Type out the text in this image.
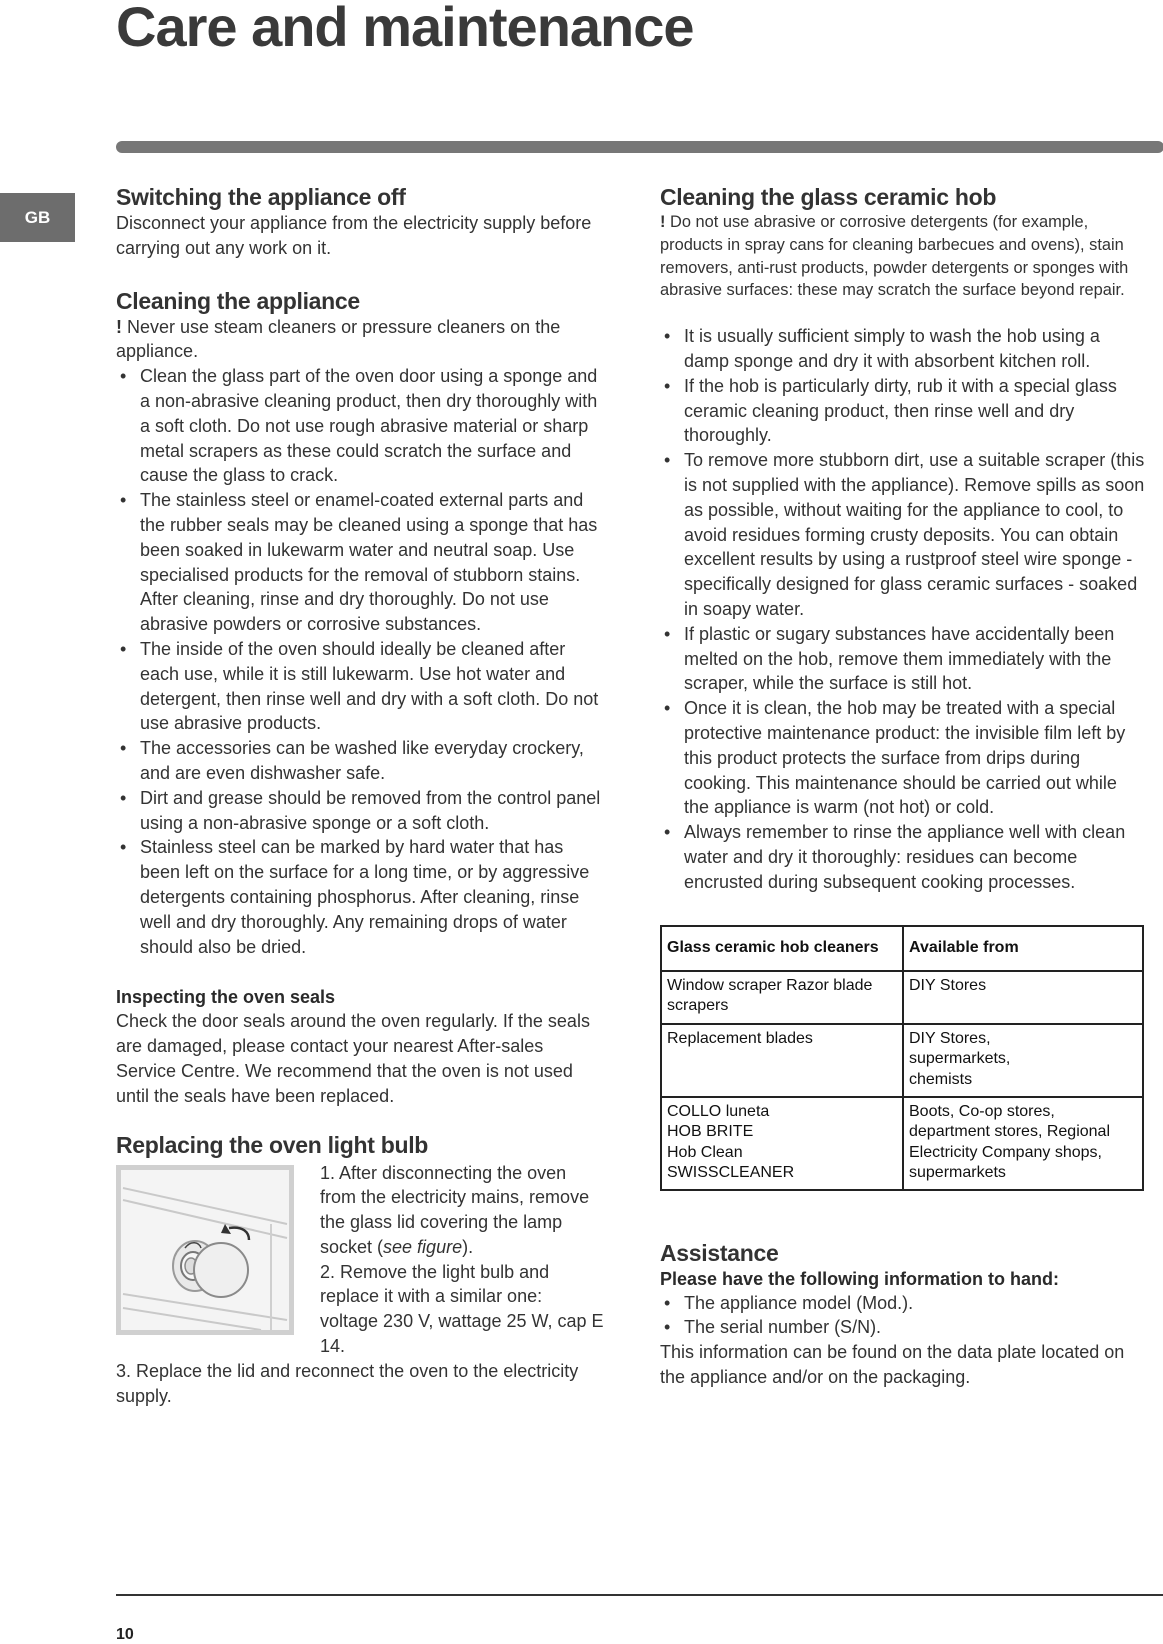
Care and maintenance
GB
Switching the appliance off

Disconnect your appliance from the electricity supply before carrying out any work on it.

Cleaning the appliance

! Never use steam cleaners or pressure cleaners on the appliance.

• Clean the glass part of the oven door using a sponge and a non-abrasive cleaning product, then dry thoroughly with a soft cloth. Do not use rough abrasive material or sharp metal scrapers as these could scratch the surface and cause the glass to crack.
• The stainless steel or enamel-coated external parts and the rubber seals may be cleaned using a sponge that has been soaked in lukewarm water and neutral soap. Use specialised products for the removal of stubborn stains. After cleaning, rinse and dry thoroughly. Do not use abrasive powders or corrosive substances.
• The inside of the oven should ideally be cleaned after each use, while it is still lukewarm. Use hot water and detergent, then rinse well and dry with a soft cloth. Do not use abrasive products.
• The accessories can be washed like everyday crockery, and are even dishwasher safe.
• Dirt and grease should be removed from the control panel using a non-abrasive sponge or a soft cloth.
• Stainless steel can be marked by hard water that has been left on the surface for a long time, or by aggressive detergents containing phosphorus. After cleaning, rinse well and dry thoroughly. Any remaining drops of water should also be dried.
Inspecting the oven seals

Check the door seals around the oven regularly. If the seals are damaged, please contact your nearest After-sales Service Centre. We recommend that the oven is not used until the seals have been replaced.

Replacing the oven light bulb

1. After disconnecting the oven from the electricity mains, remove the glass lid covering the lamp socket (see figure).

2. Remove the light bulb and replace it with a similar one: voltage 230 V, wattage 25 W, cap E 14.

3. Replace the lid and reconnect the oven to the electricity supply.

Cleaning the glass ceramic hob

! Do not use abrasive or corrosive detergents (for example, products in spray cans for cleaning barbecues and ovens), stain removers, anti-rust products, powder detergents or sponges with abrasive surfaces: these may scratch the surface beyond repair.

• It is usually sufficient simply to wash the hob using a damp sponge and dry it with absorbent kitchen roll.
• If the hob is particularly dirty, rub it with a special glass ceramic cleaning product, then rinse well and dry thoroughly.
• To remove more stubborn dirt, use a suitable scraper (this is not supplied with the appliance). Remove spills as soon as possible, without waiting for the appliance to cool, to avoid residues forming crusty deposits. You can obtain excellent results by using a rustproof steel wire sponge - specifically designed for glass ceramic surfaces - soaked in soapy water.
• If plastic or sugary substances have accidentally been melted on the hob, remove them immediately with the scraper, while the surface is still hot.
• Once it is clean, the hob may be treated with a special protective maintenance product: the invisible film left by this product protects the surface from drips during cooking. This maintenance should be carried out while the appliance is warm (not hot) or cold.
• Always remember to rinse the appliance well with clean water and dry it thoroughly: residues can become encrusted during subsequent cooking processes.
Glass ceramic hob cleaners	Available from
Window scraper Razor blade scrapers	DIY Stores
Replacement blades	DIY Stores,
supermarkets,
chemists
COLLO luneta
HOB BRITE
Hob Clean
SWISSCLEANER	Boots, Co-op stores,
department stores, Regional
Electricity Company shops,
supermarkets
Assistance
Please have the following information to hand:
• The appliance model (Mod.).
• The serial number (S/N).

This information can be found on the data plate located on the appliance and/or on the packaging.

10
